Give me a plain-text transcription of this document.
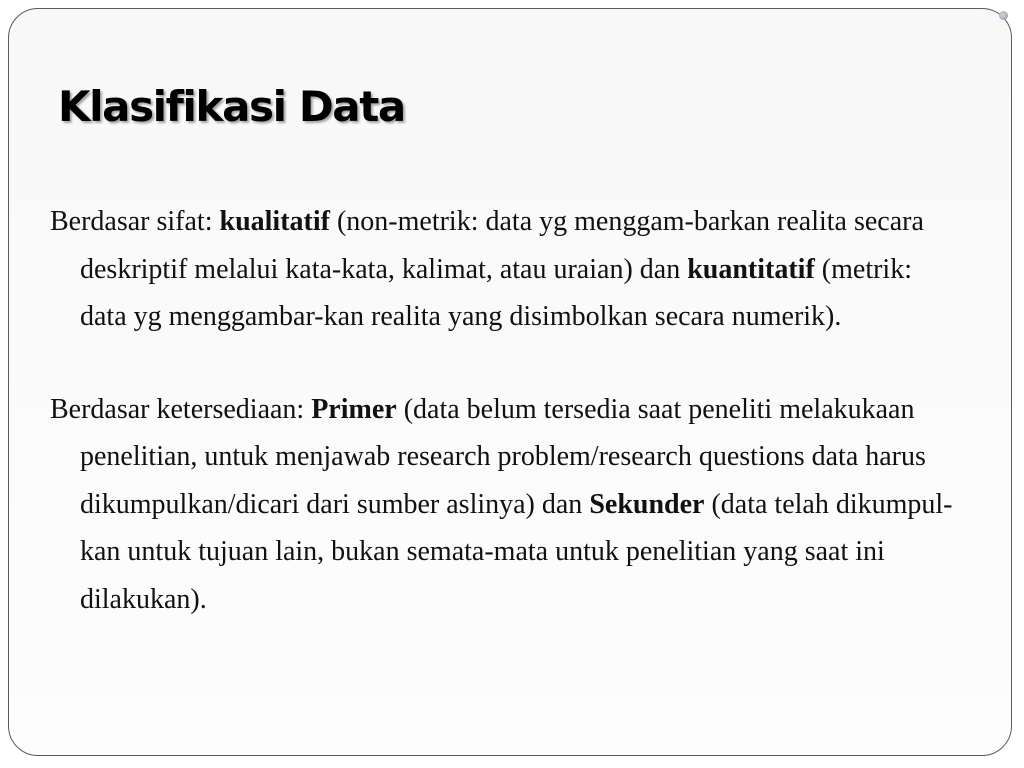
Klasifikasi Data

Berdasar sifat: kualitatif (non-metrik: data yg menggam-barkan realita secara deskriptif melalui kata-kata, kalimat, atau uraian) dan kuantitatif (metrik: data yg menggambar-kan realita yang disimbolkan secara numerik).

Berdasar ketersediaan: Primer (data belum tersedia saat peneliti melakukaan penelitian, untuk menjawab research problem/research questions data harus dikumpulkan/dicari dari sumber aslinya) dan Sekunder (data telah dikumpul-kan untuk tujuan lain, bukan semata-mata untuk penelitian yang saat ini dilakukan).
